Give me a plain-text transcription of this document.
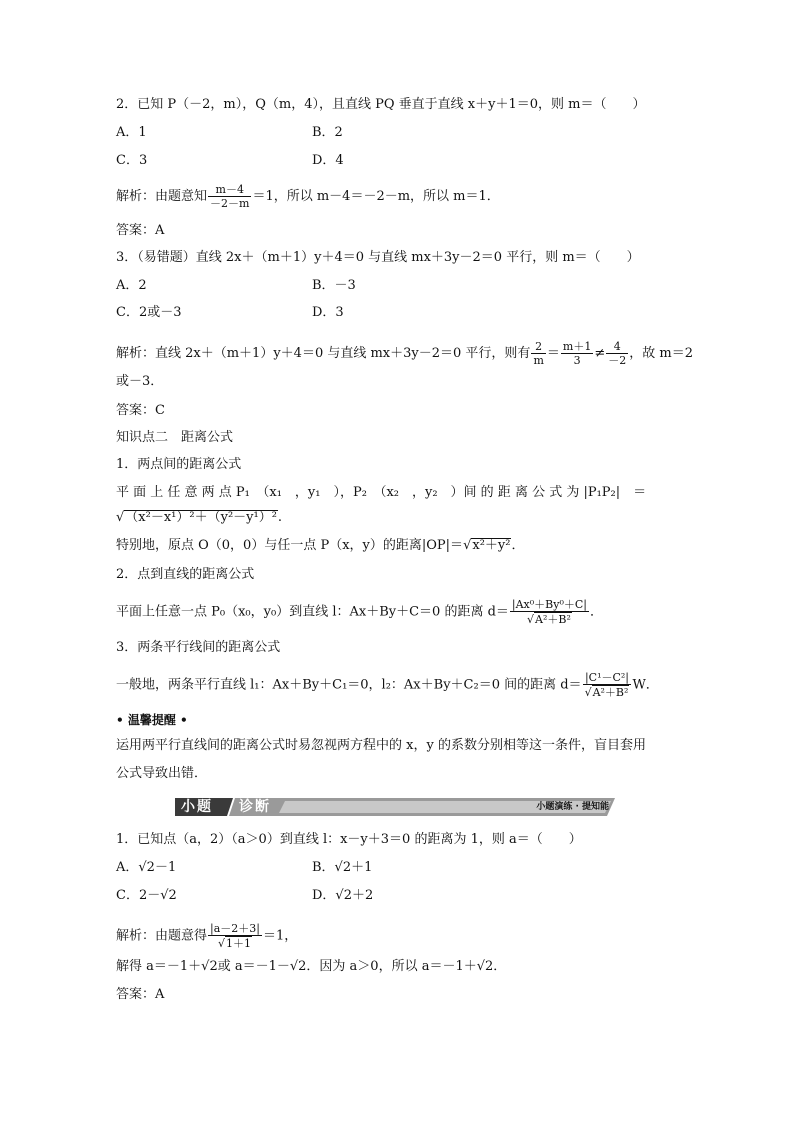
2．已知 P（－2，m），Q（m，4），且直线 PQ 垂直于直线 x＋y＋1＝0，则 m＝（　　）
A．1	B．2
C．3	D．4
解析：由题意知 $\frac{m-4}{-2-m} =1$，所以 m－4＝－2－m，所以 m＝1．
答案：A
3．（易错题）直线 2x＋（m＋1）y＋4＝0 与直线 mx＋3y－2＝0 平行，则 m＝（　　）
A．2	B．－3
C．2或－3	D．3
解析：直线 2x＋（m＋1）y＋4＝0 与直线 mx＋3y－2＝0 平行，则有 $\frac{2}{m} = \frac{m+1}{3} \ne \frac{4}{-2}$ ，故 m＝2
或－3．
答案：C
知识点二　距离公式
1．两点间的距离公式
平 面 上 任 意 两 点 P₁　（x₁　，y₁　），P₂　（x₂　，y₂　）间 的 距 离 公 式 为 |P₁P₂|　＝
√（x²－x¹）²＋（y²－y¹）².
特别地，原点 O（0，0）与任一点 P（x，y）的距离|OP|＝√x²＋y²．
2．点到直线的距离公式
平面上任意一点 P₀（x₀，y₀）到直线 l：Ax＋By＋C＝0 的距离 $d= \frac{\text{|Ax⁰＋By⁰＋C|}}{\text{√A²＋B²}}$ ．
3．两条平行线间的距离公式
一般地，两条平行直线 l₁：Ax＋By＋C₁＝0，l₂：Ax＋By＋C₂＝0 间的距离 $d= \frac{\text{|C¹－C²|}}{\text{√A²＋B²}}$ W．
• 温馨提醒 •
运用两平行直线间的距离公式时易忽视两方程中的 x，y 的系数分别相等这一条件，盲目套用
公式导致出错．
小题 诊断	小题演练 · 提知能
1．已知点（a，2）（a＞0）到直线 l：x－y＋3＝0 的距离为 1，则 a＝（　　）
A．√2－1	B．√2＋1
C．2－√2	D．√2＋2
解析：由题意得 $\frac{|a-2+3|}{√1+1} =1$，
解得 a＝－1＋√2或 a＝－1－√2．因为 a＞0，所以 a＝－1＋√2．
答案：A
